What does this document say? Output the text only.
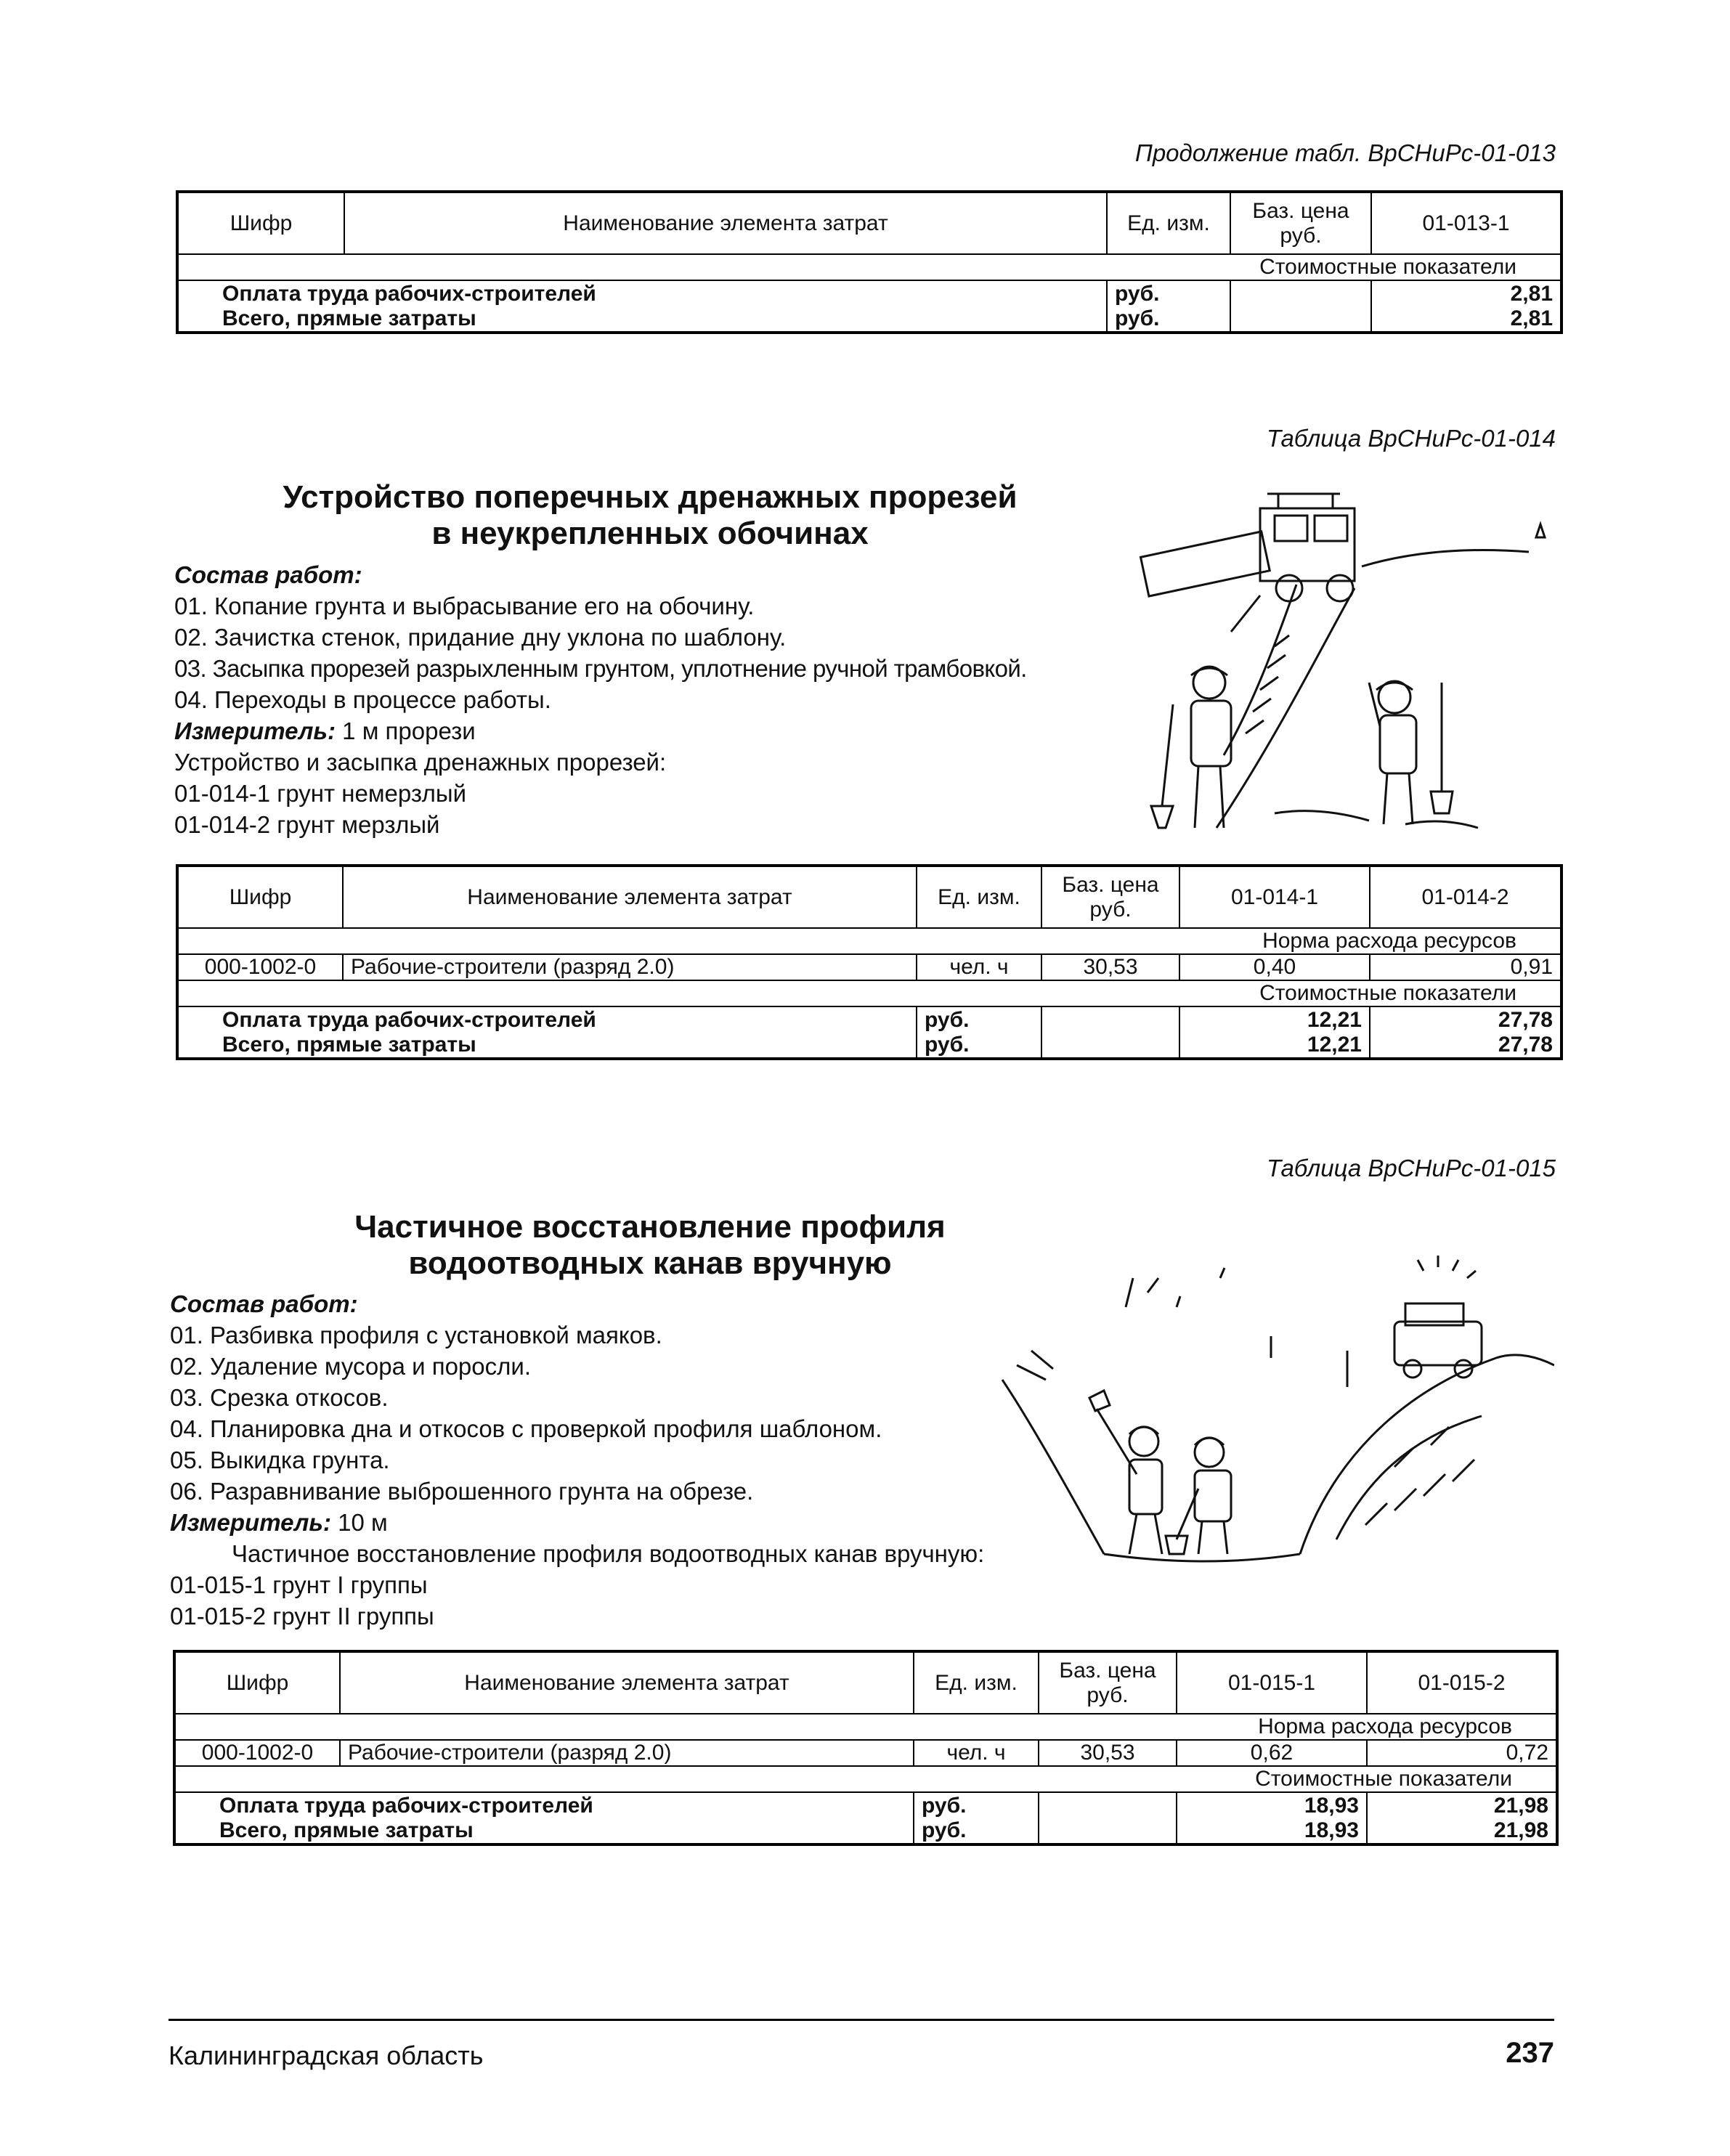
Продолжение табл. ВрСНиРс-01-013
Шифр	Наименование элемента затрат	Ед. изм.	Баз. цена руб.	01-013-1
Стоимостные показатели				
Оплата труда рабочих-строителей		руб.		2,81
Всего, прямые затраты		руб.		2,81
Таблица ВрСНиРс-01-014
Устройство поперечных дренажных прорезей
в неукрепленных обочинах
Состав работ:
01. Копание грунта и выбрасывание его на обочину.
02. Зачистка стенок, придание дну уклона по шаблону.
03. Засыпка прорезей разрыхленным грунтом, уплотнение ручной трамбовкой.
04. Переходы в процессе работы.
Измеритель: 1 м прорези
Устройство и засыпка дренажных прорезей:
01-014-1 грунт немерзлый
01-014-2 грунт мерзлый
Шифр	Наименование элемента затрат	Ед. изм.	Баз. цена руб.	01-014-1	01-014-2
Норма расхода ресурсов					
000-1002-0	Рабочие-строители (разряд 2.0)	чел. ч	30,53	0,40	0,91
Стоимостные показатели					
Оплата труда рабочих-строителей		руб.		12,21	27,78
Всего, прямые затраты		руб.		12,21	27,78
Таблица ВрСНиРс-01-015
Частичное восстановление профиля
водоотводных канав вручную
Состав работ:
01. Разбивка профиля с установкой маяков.
02. Удаление мусора и поросли.
03. Срезка откосов.
04. Планировка дна и откосов с проверкой профиля шаблоном.
05. Выкидка грунта.
06. Разравнивание выброшенного грунта на обрезе.
Измеритель: 10 м
Частичное восстановление профиля водоотводных канав вручную:
01-015-1 грунт I группы
01-015-2 грунт II группы
Шифр	Наименование элемента затрат	Ед. изм.	Баз. цена руб.	01-015-1	01-015-2
Норма расхода ресурсов					
000-1002-0	Рабочие-строители (разряд 2.0)	чел. ч	30,53	0,62	0,72
Стоимостные показатели					
Оплата труда рабочих-строителей		руб.		18,93	21,98
Всего, прямые затраты		руб.		18,93	21,98
Калининградская область	237
